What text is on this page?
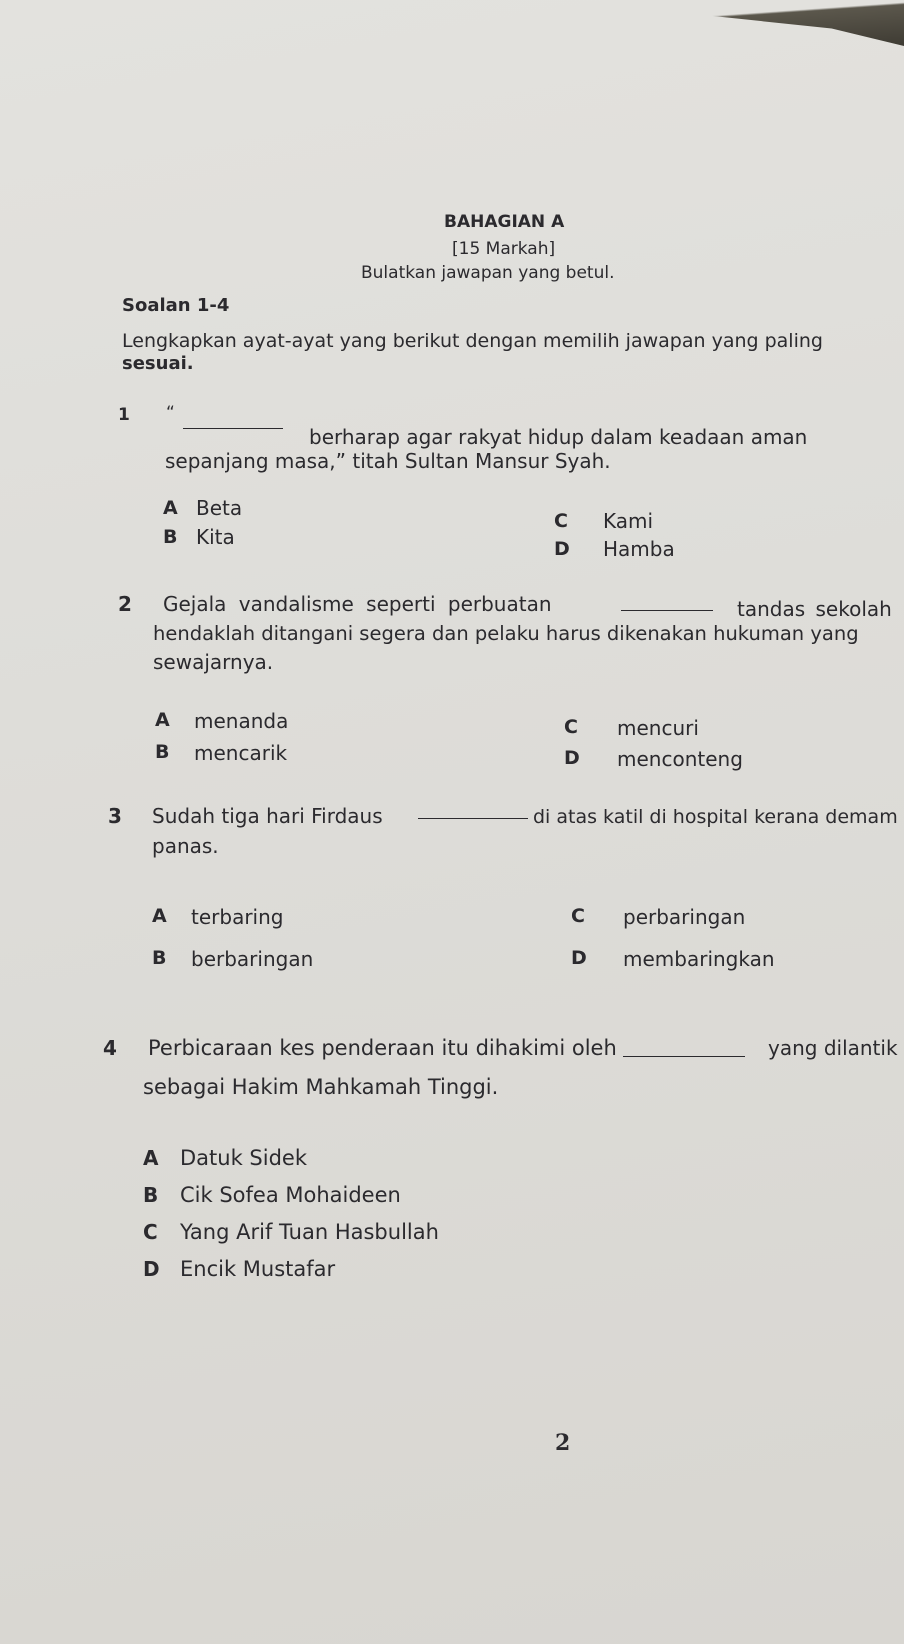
BAHAGIAN A
[15 Markah]
Bulatkan jawapan yang betul.
Soalan 1-4
Lengkapkan ayat-ayat yang berikut dengan memilih jawapan yang paling
sesuai.
1 “
berharap agar rakyat hidup dalam keadaan aman
sepanjang masa,” titah Sultan Mansur Syah.
A Beta
B Kita
C Kami
D Hamba
2 Gejala vandalisme seperti perbuatan	tandas sekolah
hendaklah ditangani segera dan pelaku harus dikenakan hukuman yang
sewajarnya.
A menanda
B mencarik
C mencuri
D menconteng
3 Sudah tiga hari Firdaus	di atas katil di hospital kerana demam
panas.
A terbaring
B berbaringan
C perbaringan
D membaringkan
4 Perbicaraan kes penderaan itu dihakimi oleh	yang dilantik
sebagai Hakim Mahkamah Tinggi.
A Datuk Sidek
B Cik Sofea Mohaideen
C Yang Arif Tuan Hasbullah
D Encik Mustafar
2
